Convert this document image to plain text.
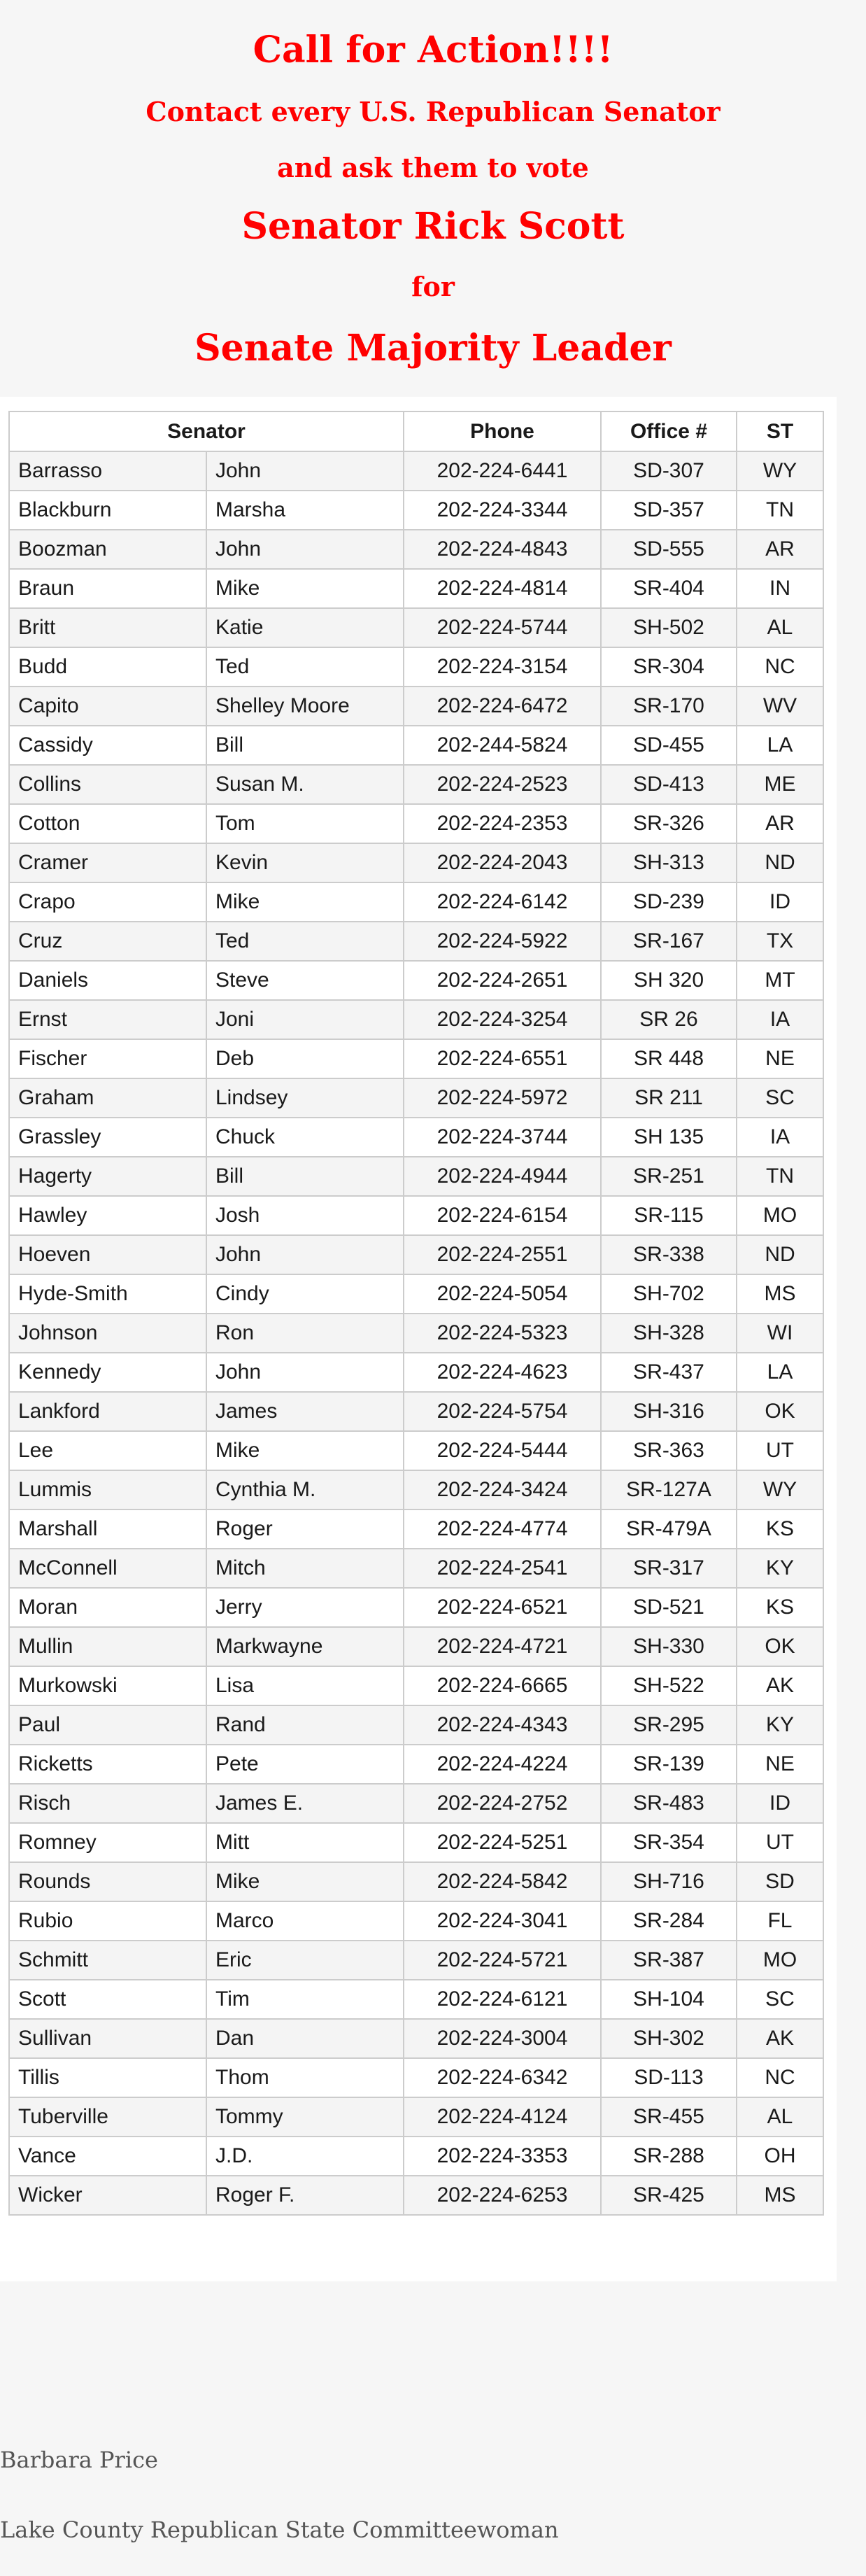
Call for Action!!!!
Contact every U.S. Republican Senator
and ask them to vote
Senator Rick Scott
for
Senate Majority Leader
Senator		Phone	Office #	ST
Barrasso	John	202-224-6441	SD-307	WY
Blackburn	Marsha	202-224-3344	SD-357	TN
Boozman	John	202-224-4843	SD-555	AR
Braun	Mike	202-224-4814	SR-404	IN
Britt	Katie	202-224-5744	SH-502	AL
Budd	Ted	202-224-3154	SR-304	NC
Capito	Shelley Moore	202-224-6472	SR-170	WV
Cassidy	Bill	202-244-5824	SD-455	LA
Collins	Susan M.	202-224-2523	SD-413	ME
Cotton	Tom	202-224-2353	SR-326	AR
Cramer	Kevin	202-224-2043	SH-313	ND
Crapo	Mike	202-224-6142	SD-239	ID
Cruz	Ted	202-224-5922	SR-167	TX
Daniels	Steve	202-224-2651	SH 320	MT
Ernst	Joni	202-224-3254	SR 26	IA
Fischer	Deb	202-224-6551	SR 448	NE
Graham	Lindsey	202-224-5972	SR 211	SC
Grassley	Chuck	202-224-3744	SH 135	IA
Hagerty	Bill	202-224-4944	SR-251	TN
Hawley	Josh	202-224-6154	SR-115	MO
Hoeven	John	202-224-2551	SR-338	ND
Hyde-Smith	Cindy	202-224-5054	SH-702	MS
Johnson	Ron	202-224-5323	SH-328	WI
Kennedy	John	202-224-4623	SR-437	LA
Lankford	James	202-224-5754	SH-316	OK
Lee	Mike	202-224-5444	SR-363	UT
Lummis	Cynthia M.	202-224-3424	SR-127A	WY
Marshall	Roger	202-224-4774	SR-479A	KS
McConnell	Mitch	202-224-2541	SR-317	KY
Moran	Jerry	202-224-6521	SD-521	KS
Mullin	Markwayne	202-224-4721	SH-330	OK
Murkowski	Lisa	202-224-6665	SH-522	AK
Paul	Rand	202-224-4343	SR-295	KY
Ricketts	Pete	202-224-4224	SR-139	NE
Risch	James E.	202-224-2752	SR-483	ID
Romney	Mitt	202-224-5251	SR-354	UT
Rounds	Mike	202-224-5842	SH-716	SD
Rubio	Marco	202-224-3041	SR-284	FL
Schmitt	Eric	202-224-5721	SR-387	MO
Scott	Tim	202-224-6121	SH-104	SC
Sullivan	Dan	202-224-3004	SH-302	AK
Tillis	Thom	202-224-6342	SD-113	NC
Tuberville	Tommy	202-224-4124	SR-455	AL
Vance	J.D.	202-224-3353	SR-288	OH
Wicker	Roger F.	202-224-6253	SR-425	MS
Barbara Price
Lake County Republican State Committeewoman
